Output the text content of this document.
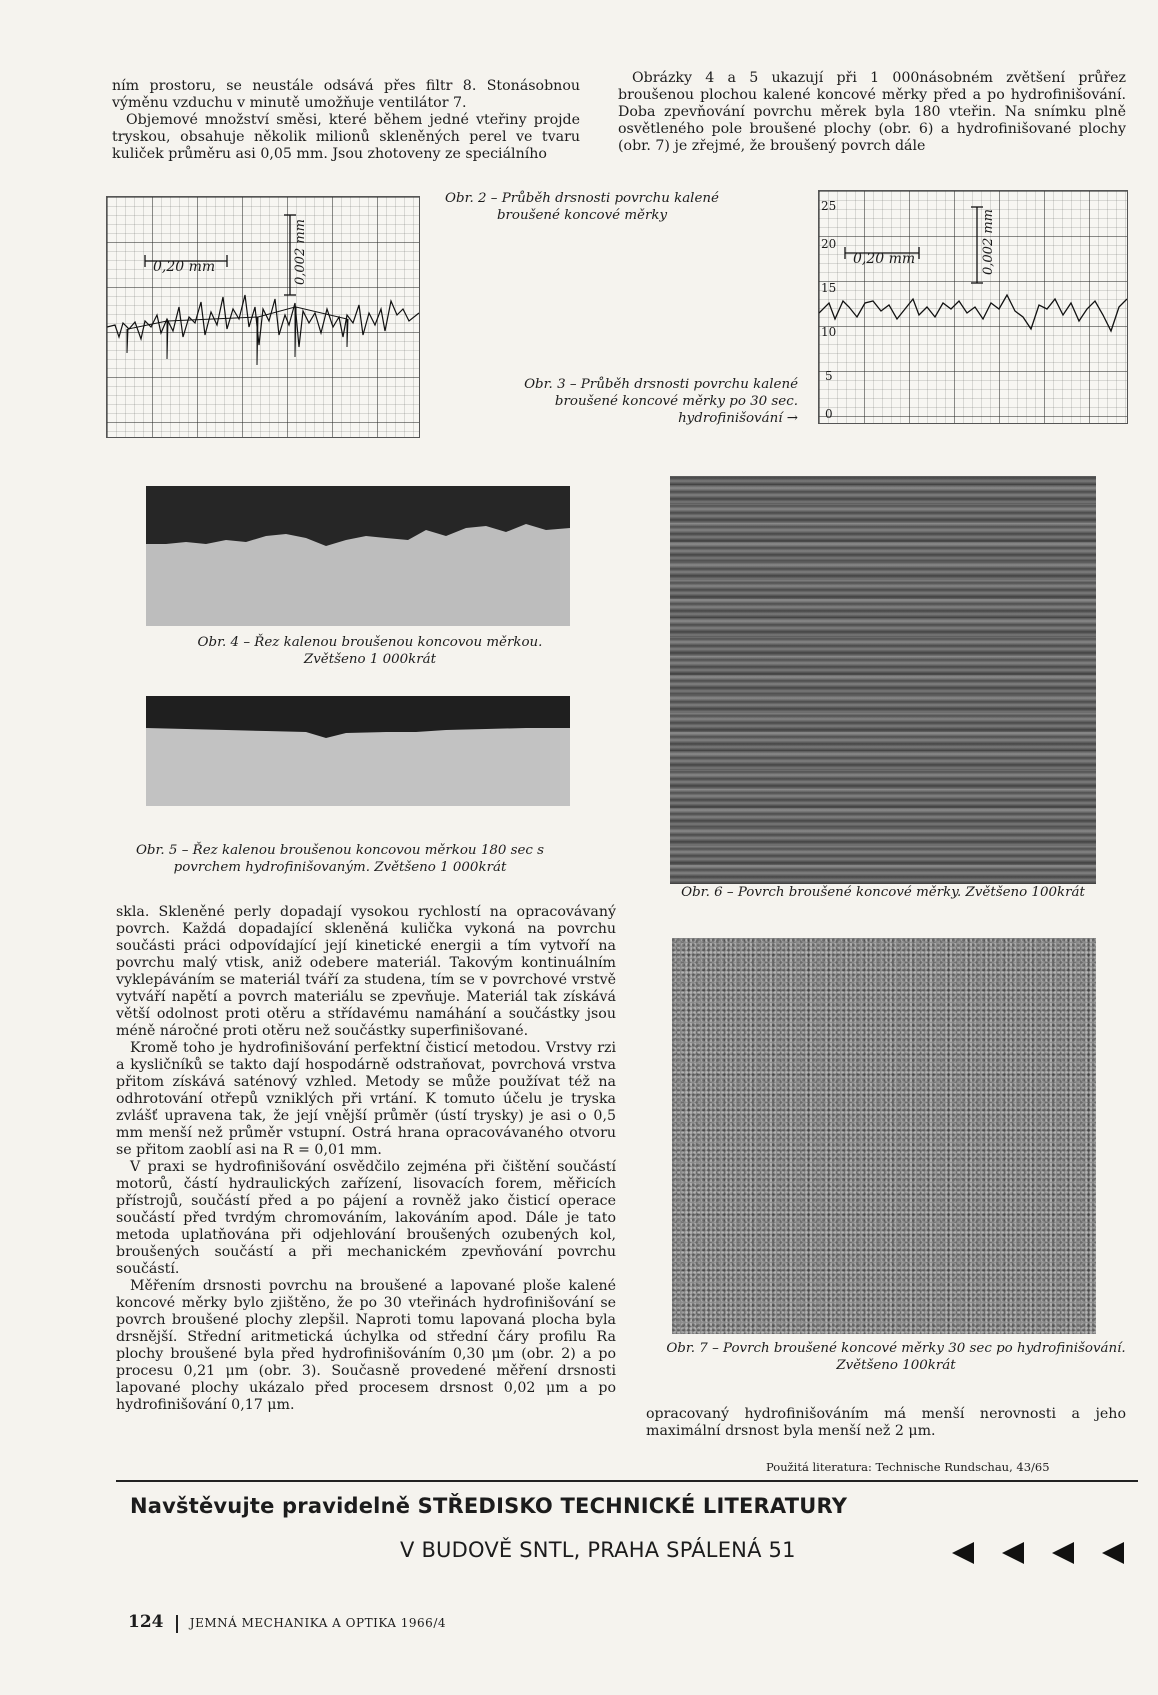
ním prostoru, se neustále odsává přes filtr 8. Stonásobnou výměnu vzduchu v minutě umožňuje ventilátor 7.

Objemové množství směsi, které během jedné vteřiny projde tryskou, obsahuje několik milionů skleněných perel ve tvaru kuliček průměru asi 0,05 mm. Jsou zhotoveny ze speciálního

Obrázky 4 a 5 ukazují při 1 000násobném zvětšení průřez broušenou plochou kalené koncové měrky před a po hydrofinišování. Doba zpevňování povrchu měrek byla 180 vteřin. Na snímku plně osvětleného pole broušené plochy (obr. 6) a hydrofinišované plochy (obr. 7) je zřejmé, že broušený povrch dále

0,20 mm	0,002 mm
Obr. 2 – Průběh drsnosti povrchu kalené broušené koncové měrky
25
20
15
10
5
0
0,20 mm	0,002 mm
Obr. 3 – Průběh drsnosti povrchu kalené broušené koncové měrky po 30 sec. hydrofinišování →
Obr. 4 – Řez kalenou broušenou koncovou měrkou. Zvětšeno 1 000krát
Obr. 5 – Řez kalenou broušenou koncovou měrkou 180 sec s povrchem hydrofinišovaným. Zvětšeno 1 000krát
Obr. 6 – Povrch broušené koncové měrky. Zvětšeno 100krát
Obr. 7 – Povrch broušené koncové měrky 30 sec po hydrofinišování. Zvětšeno 100krát

skla. Skleněné perly dopadají vysokou rychlostí na opracovávaný povrch. Každá dopadající skleněná kulička vykoná na povrchu součásti práci odpovídající její kinetické energii a tím vytvoří na povrchu malý vtisk, aniž odebere materiál. Takovým kontinuálním vyklepáváním se materiál tváří za studena, tím se v povrchové vrstvě vytváří napětí a povrch materiálu se zpevňuje. Materiál tak získává větší odolnost proti otěru a střídavému namáhání a součástky jsou méně náročné proti otěru než součástky superfinišované.

Kromě toho je hydrofinišování perfektní čisticí metodou. Vrstvy rzi a kysličníků se takto dají hospodárně odstraňovat, povrchová vrstva přitom získává saténový vzhled. Metody se může používat též na odhrotování otřepů vzniklých při vrtání. K tomuto účelu je tryska zvlášť upravena tak, že její vnější průměr (ústí trysky) je asi o 0,5 mm menší než průměr vstupní. Ostrá hrana opracovávaného otvoru se přitom zaoblí asi na R = 0,01 mm.

V praxi se hydrofinišování osvědčilo zejména při čištění součástí motorů, částí hydraulických zařízení, lisovacích forem, měřicích přístrojů, součástí před a po pájení a rovněž jako čisticí operace součástí před tvrdým chromováním, lakováním apod. Dále je tato metoda uplatňována při odjehlování broušených ozubených kol, broušených součástí a při mechanickém zpevňování povrchu součástí.

Měřením drsnosti povrchu na broušené a lapované ploše kalené koncové měrky bylo zjištěno, že po 30 vteřinách hydrofinišování se povrch broušené plochy zlepšil. Naproti tomu lapovaná plocha byla drsnější. Střední aritmetická úchylka od střední čáry profilu Ra plochy broušené byla před hydrofinišováním 0,30 μm (obr. 2) a po procesu 0,21 μm (obr. 3). Současně provedené měření drsnosti lapované plochy ukázalo před procesem drsnost 0,02 μm a po hydrofinišování 0,17 μm.

opracovaný hydrofinišováním má menší nerovnosti a jeho maximální drsnost byla menší než 2 μm.

Použitá literatura: Technische Rundschau, 43/65
Navštěvujte pravidelně STŘEDISKO TECHNICKÉ LITERATURY
V BUDOVĚ SNTL, PRAHA SPÁLENÁ 51
124 JEMNÁ MECHANIKA A OPTIKA 1966/4
